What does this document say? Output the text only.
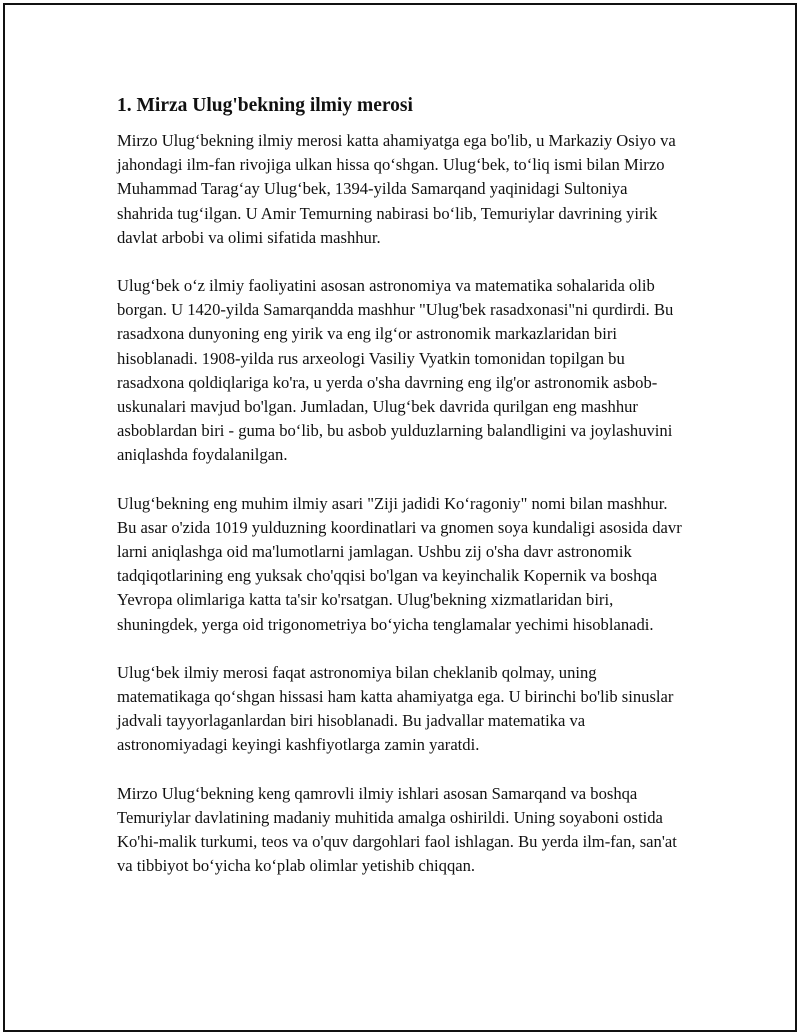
1. Mirza Ulug'bekning ilmiy merosi

Mirzo Ulug‘bekning ilmiy merosi katta ahamiyatga ega bo'lib, u Markaziy Osiyo va jahondagi ilm-fan rivojiga ulkan hissa qo‘shgan. Ulug‘bek, to‘liq ismi bilan Mirzo Muhammad Tarag‘ay Ulug‘bek, 1394-yilda Samarqand yaqinidagi Sultoniya shahrida tug‘ilgan. U Amir Temurning nabirasi bo‘lib, Temuriylar davrining yirik davlat arbobi va olimi sifatida mashhur.

Ulug‘bek o‘z ilmiy faoliyatini asosan astronomiya va matematika sohalarida olib borgan. U 1420-yilda Samarqandda mashhur "Ulug'bek rasadxonasi"ni qurdirdi. Bu rasadxona dunyoning eng yirik va eng ilg‘or astronomik markazlaridan biri hisoblanadi. 1908-yilda rus arxeologi Vasiliy Vyatkin tomonidan topilgan bu rasadxona qoldiqlariga ko'ra, u yerda o'sha davrning eng ilg'or astronomik asbob-uskunalari mavjud bo'lgan. Jumladan, Ulug‘bek davrida qurilgan eng mashhur asboblardan biri - guma bo‘lib, bu asbob yulduzlarning balandligini va joylashuvini aniqlashda foydalanilgan.

Ulug‘bekning eng muhim ilmiy asari "Ziji jadidi Ko‘ragoniy" nomi bilan mashhur. Bu asar o'zida 1019 yulduzning koordinatlari va gnomen soya kundaligi asosida davr larni aniqlashga oid ma'lumotlarni jamlagan. Ushbu zij o'sha davr astronomik tadqiqotlarining eng yuksak cho'qqisi bo'lgan va keyinchalik Kopernik va boshqa Yevropa olimlariga katta ta'sir ko'rsatgan. Ulug'bekning xizmatlaridan biri, shuningdek, yerga oid trigonometriya bo‘yicha tenglamalar yechimi hisoblanadi.

Ulug‘bek ilmiy merosi faqat astronomiya bilan cheklanib qolmay, uning matematikaga qo‘shgan hissasi ham katta ahamiyatga ega. U birinchi bo'lib sinuslar jadvali tayyorlaganlardan biri hisoblanadi. Bu jadvallar matematika va astronomiyadagi keyingi kashfiyotlarga zamin yaratdi.

Mirzo Ulug‘bekning keng qamrovli ilmiy ishlari asosan Samarqand va boshqa Temuriylar davlatining madaniy muhitida amalga oshirildi. Uning soyaboni ostida Ko'hi-malik turkumi, teos va o'quv dargohlari faol ishlagan. Bu yerda ilm-fan, san'at va tibbiyot bo‘yicha ko‘plab olimlar yetishib chiqqan.
